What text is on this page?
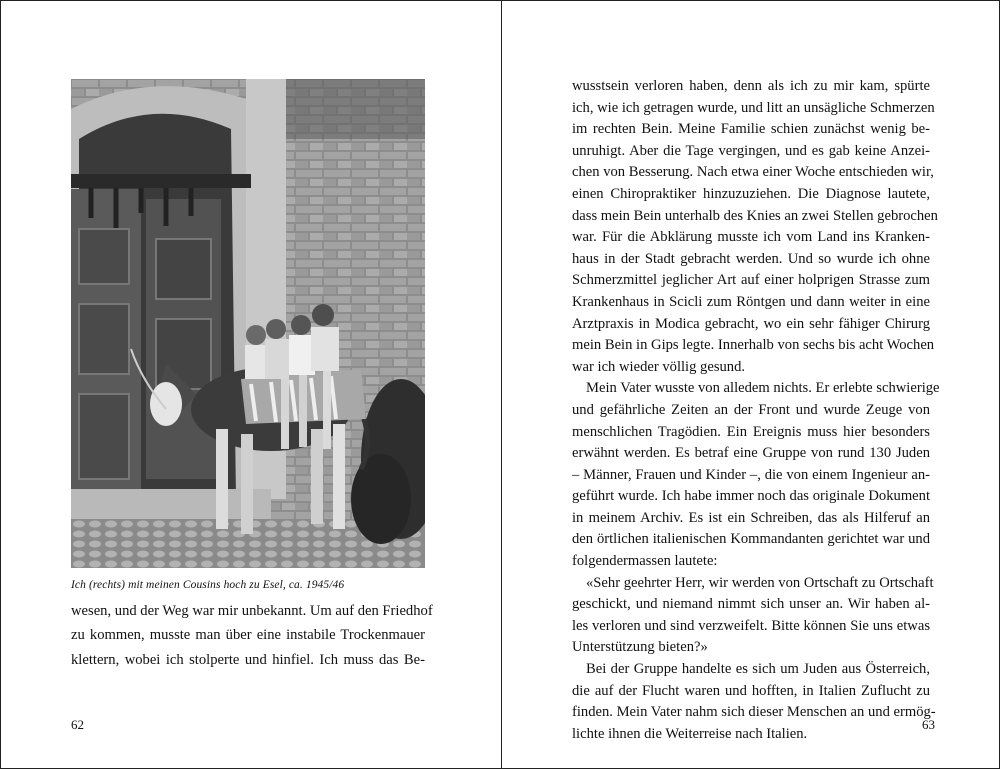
Ich (rechts) mit meinen Cousins hoch zu Esel, ca. 1945/46
wesen, und der Weg war mir unbekannt. Um auf den Friedhof
zu kommen, musste man über eine instabile Trockenmauer
klettern, wobei ich stolperte und hinfiel. Ich muss das Be-
62
wusstsein verloren haben, denn als ich zu mir kam, spürte
ich, wie ich getragen wurde, und litt an unsägliche Schmerzen
im rechten Bein. Meine Familie schien zunächst wenig be-
unruhigt. Aber die Tage vergingen, und es gab keine Anzei-
chen von Besserung. Nach etwa einer Woche entschieden wir,
einen Chiropraktiker hinzuzuziehen. Die Diagnose lautete,
dass mein Bein unterhalb des Knies an zwei Stellen gebrochen
war. Für die Abklärung musste ich vom Land ins Kranken-
haus in der Stadt gebracht werden. Und so wurde ich ohne
Schmerzmittel jeglicher Art auf einer holprigen Strasse zum
Krankenhaus in Scicli zum Röntgen und dann weiter in eine
Arztpraxis in Modica gebracht, wo ein sehr fähiger Chirurg
mein Bein in Gips legte. Innerhalb von sechs bis acht Wochen
war ich wieder völlig gesund.
Mein Vater wusste von alledem nichts. Er erlebte schwierige
und gefährliche Zeiten an der Front und wurde Zeuge von
menschlichen Tragödien. Ein Ereignis muss hier besonders
erwähnt werden. Es betraf eine Gruppe von rund 130 Juden
– Männer, Frauen und Kinder –, die von einem Ingenieur an-
geführt wurde. Ich habe immer noch das originale Dokument
in meinem Archiv. Es ist ein Schreiben, das als Hilferuf an
den örtlichen italienischen Kommandanten gerichtet war und
folgendermassen lautete:
«Sehr geehrter Herr, wir werden von Ortschaft zu Ortschaft
geschickt, und niemand nimmt sich unser an. Wir haben al-
les verloren und sind verzweifelt. Bitte können Sie uns etwas
Unterstützung bieten?»
Bei der Gruppe handelte es sich um Juden aus Österreich,
die auf der Flucht waren und hofften, in Italien Zuflucht zu
finden. Mein Vater nahm sich dieser Menschen an und ermög-
lichte ihnen die Weiterreise nach Italien.
63
